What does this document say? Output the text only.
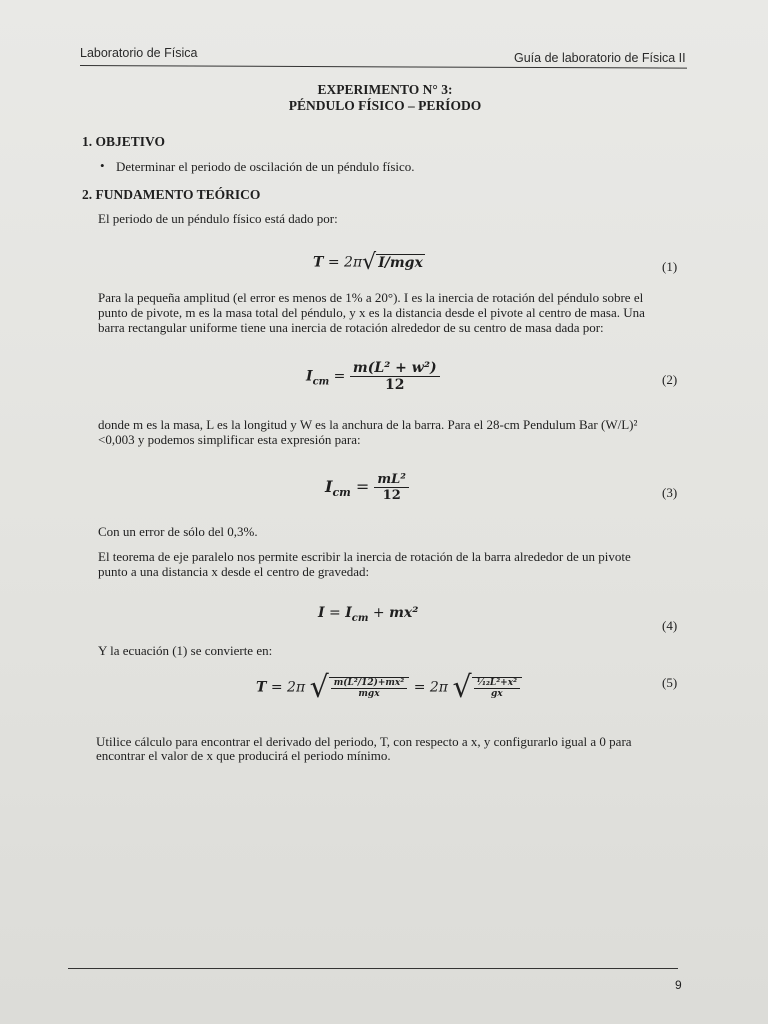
Laboratorio de Física	Guía de laboratorio de Física II
EXPERIMENTO N° 3:
PÉNDULO FÍSICO – PERÍODO
1. OBJETIVO
• Determinar el periodo de oscilación de un péndulo físico.
2. FUNDAMENTO TEÓRICO
El periodo de un péndulo físico está dado por:
T = 2π√ I/mgx	(1)
Para la pequeña amplitud (el error es menos de 1% a 20°). I es la inercia de rotación del péndulo sobre el
punto de pivote, m es la masa total del péndulo, y x es la distancia desde el pivote al centro de masa. Una
barra rectangular uniforme tiene una inercia de rotación alrededor de su centro de masa dada por:
$I_{cm} = \frac{\text{m(L² + w²)}}{12}$	(2)
donde m es la masa, L es la longitud y W es la anchura de la barra. Para el 28-cm Pendulum Bar (W/L)²
<0,003 y podemos simplificar esta expresión para:
$I_{cm} = \frac{\text{mL²}}{12}$	(3)
Con un error de sólo del 0,3%.
El teorema de eje paralelo nos permite escribir la inercia de rotación de la barra alrededor de un pivote
punto a una distancia x desde el centro de gravedad:
$I = I_{cm} + mx^2$
(4)
Y la ecuación (1) se convierte en:
T = 2π √ $\frac{\text{m(L²/12)+mx²}}{\text{mgx}} = 2\pi$ √ $\frac{\text{¹⁄₁₂L²+x²}}{gx}$	(5)
Utilice cálculo para encontrar el derivado del periodo, T, con respecto a x, y configurarlo igual a 0 para
encontrar el valor de x que producirá el periodo mínimo.
9
